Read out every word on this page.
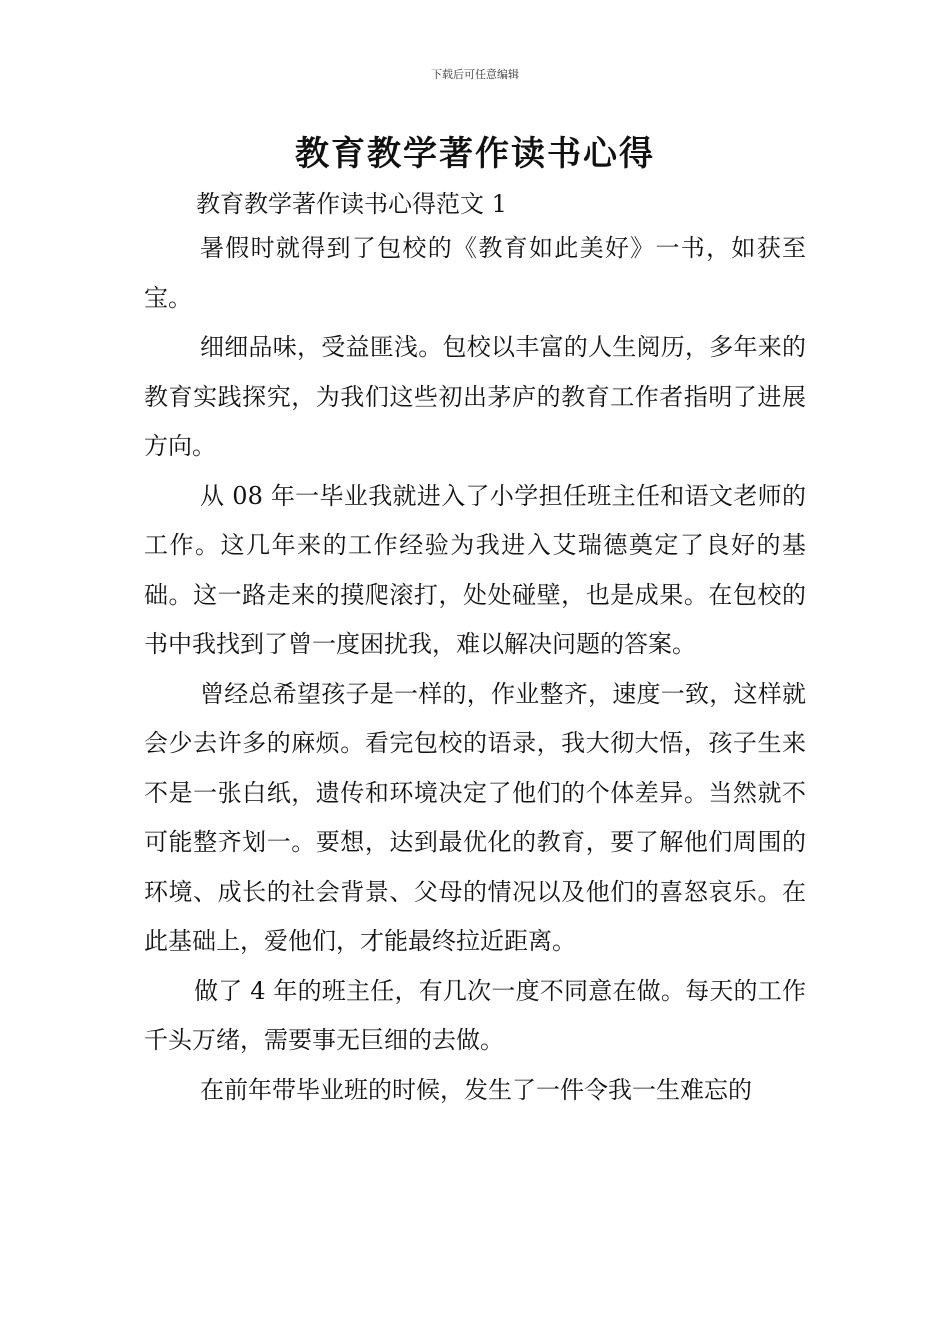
下载后可任意编辑
教育教学著作读书心得

教育教学著作读书心得范文 1

暑假时就得到了包校的《教育如此美好》一书，如获至宝。

细细品味，受益匪浅。包校以丰富的人生阅历，多年来的教育实践探究，为我们这些初出茅庐的教育工作者指明了进展方向。

从 08 年一毕业我就进入了小学担任班主任和语文老师的工作。这几年来的工作经验为我进入艾瑞德奠定了良好的基础。这一路走来的摸爬滚打，处处碰壁，也是成果。在包校的书中我找到了曾一度困扰我，难以解决问题的答案。

曾经总希望孩子是一样的，作业整齐，速度一致，这样就会少去许多的麻烦。看完包校的语录，我大彻大悟，孩子生来不是一张白纸，遗传和环境决定了他们的个体差异。当然就不可能整齐划一。要想，达到最优化的教育，要了解他们周围的环境、成长的社会背景、父母的情况以及他们的喜怒哀乐。在此基础上，爱他们，才能最终拉近距离。

做了 4 年的班主任，有几次一度不同意在做。每天的工作千头万绪，需要事无巨细的去做。

在前年带毕业班的时候，发生了一件令我一生难忘的
